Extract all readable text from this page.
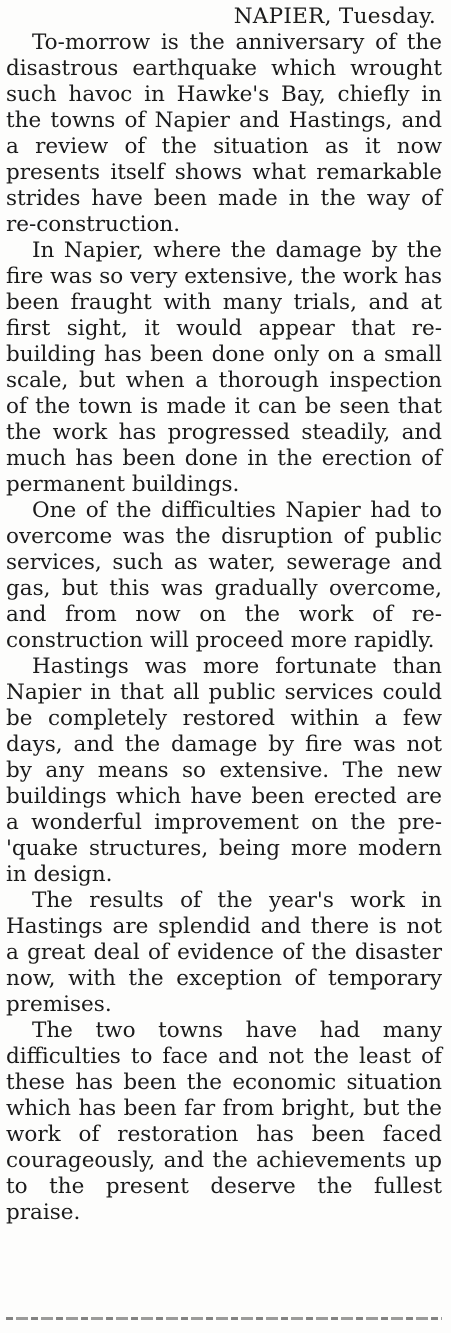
NAPIER, Tuesday.

To-morrow is the anniversary of the disastrous earthquake which wrought such havoc in Hawke's Bay, chiefly in the towns of Napier and Hastings, and a review of the situation as it now presents itself shows what remarkable strides have been made in the way of re-construction.

In Napier, where the damage by the fire was so very extensive, the work has been fraught with many trials, and at first sight, it would appear that re-building has been done only on a small scale, but when a thorough inspection of the town is made it can be seen that the work has progressed steadily, and much has been done in the erection of permanent buildings.

One of the difficulties Napier had to overcome was the disruption of public services, such as water, sewerage and gas, but this was gradually overcome, and from now on the work of re-construction will proceed more rapidly.

Hastings was more fortunate than Napier in that all public services could be completely restored within a few days, and the damage by fire was not by any means so extensive. The new buildings which have been erected are a wonderful improvement on the pre-'quake structures, being more modern in design.

The results of the year's work in Hastings are splendid and there is not a great deal of evidence of the disaster now, with the exception of temporary premises.

The two towns have had many difficulties to face and not the least of these has been the economic situation which has been far from bright, but the work of restoration has been faced courageously, and the achievements up to the present deserve the fullest praise.
